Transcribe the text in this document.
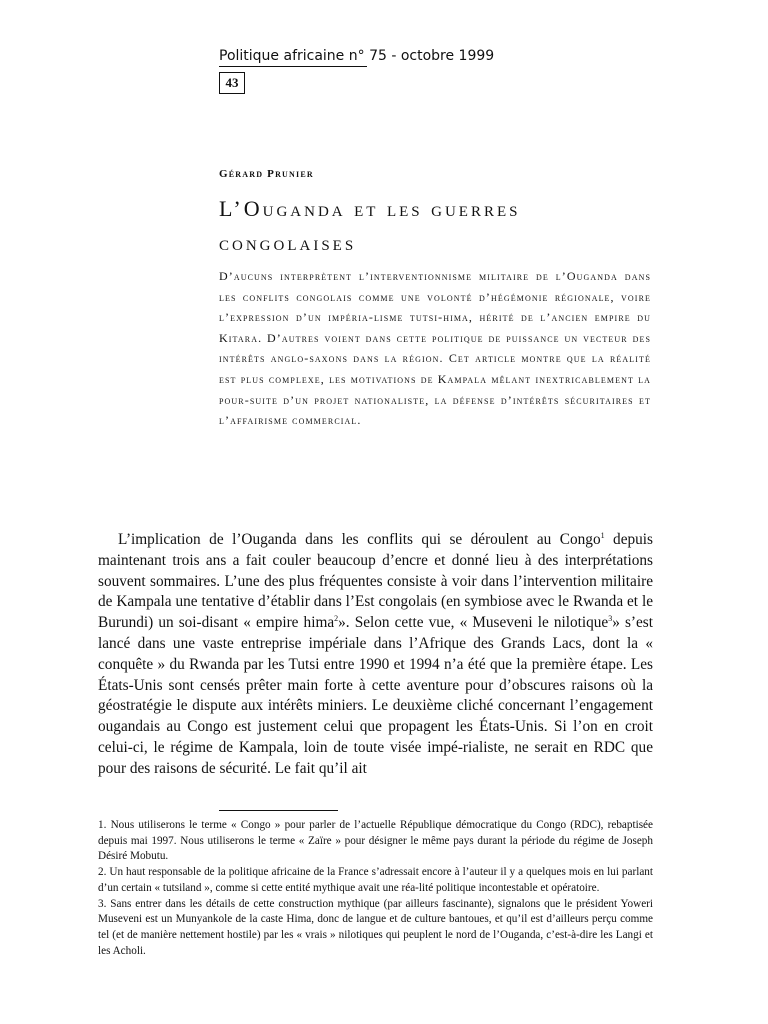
Politique africaine n° 75 - octobre 1999
43
Gérard Prunier
L’Ouganda et les guerres
congolaises

D’aucuns interprètent l’interventionnisme militaire de l’Ouganda dans les conflits congolais comme une volonté d’hégémonie régionale, voire l’expression d’un impéria-lisme tutsi-hima, hérité de l’ancien empire du Kitara. D’autres voient dans cette politique de puissance un vecteur des intérêts anglo-saxons dans la région. Cet article montre que la réalité est plus complexe, les motivations de Kampala mêlant inextricablement la pour-suite d’un projet nationaliste, la défense d’intérêts sécuritaires et l’affairisme commercial.

L’implication de l’Ouganda dans les conflits qui se déroulent au Congo$^1$ depuis maintenant trois ans a fait couler beaucoup d’encre et donné lieu à des interprétations souvent sommaires. L’une des plus fréquentes consiste à voir dans l’intervention militaire de Kampala une tentative d’établir dans l’Est congolais (en symbiose avec le Rwanda et le Burundi) un soi-disant « empire hima$^2$». Selon cette vue, « Museveni le nilotique$^3$» s’est lancé dans une vaste entreprise impériale dans l’Afrique des Grands Lacs, dont la « conquête » du Rwanda par les Tutsi entre 1990 et 1994 n’a été que la première étape. Les États-Unis sont censés prêter main forte à cette aventure pour d’obscures raisons où la géostratégie le dispute aux intérêts miniers. Le deuxième cliché concernant l’engagement ougandais au Congo est justement celui que propagent les États-Unis. Si l’on en croit celui-ci, le régime de Kampala, loin de toute visée impé-rialiste, ne serait en RDC que pour des raisons de sécurité. Le fait qu’il ait

1. Nous utiliserons le terme « Congo » pour parler de l’actuelle République démocratique du Congo (RDC), rebaptisée depuis mai 1997. Nous utiliserons le terme « Zaïre » pour désigner le même pays durant la période du régime de Joseph Désiré Mobutu.

2. Un haut responsable de la politique africaine de la France s’adressait encore à l’auteur il y a quelques mois en lui parlant d’un certain « tutsiland », comme si cette entité mythique avait une réa-lité politique incontestable et opératoire.

3. Sans entrer dans les détails de cette construction mythique (par ailleurs fascinante), signalons que le président Yoweri Museveni est un Munyankole de la caste Hima, donc de langue et de culture bantoues, et qu’il est d’ailleurs perçu comme tel (et de manière nettement hostile) par les « vrais » nilotiques qui peuplent le nord de l’Ouganda, c’est-à-dire les Langi et les Acholi.
